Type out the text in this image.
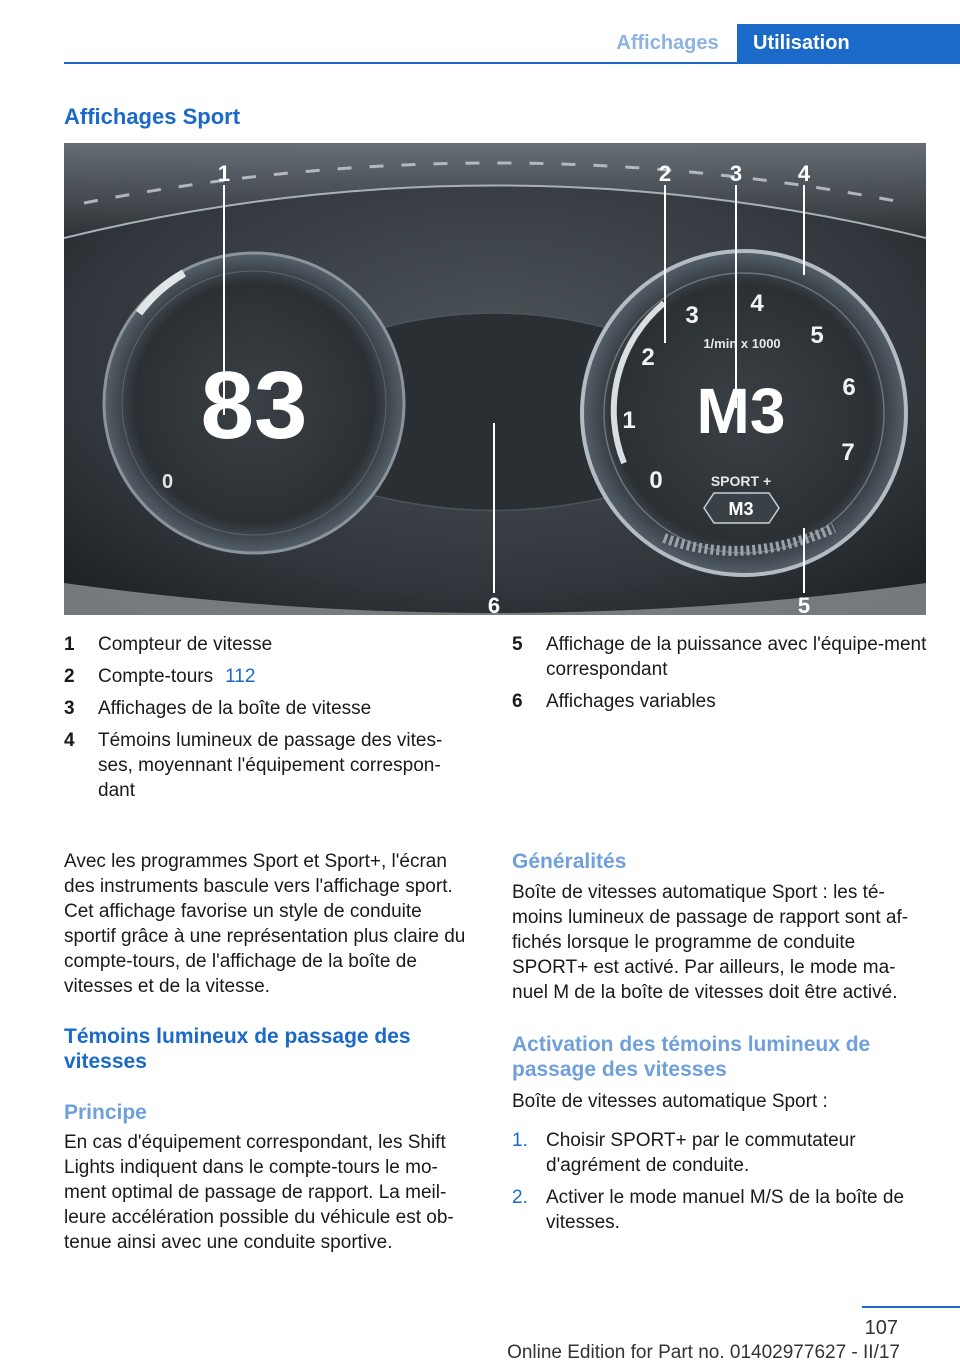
Affichages	Utilisation
Affichages Sport
0
83
1/min x 1000
0
1
2
3 4
5
6
7
M3
SPORT +
M3
1	2	3	4
5
6
1	Compteur de vitesse
2	Compte-tours 112
3	Affichages de la boîte de vitesse
4	Témoins lumineux de passage des vites-ses, moyennant l'équipement correspon-dant
5	Affichage de la puissance avec l'équipe-ment correspondant
6	Affichages variables
Avec les programmes Sport et Sport+, l'écran des instruments bascule vers l'affichage sport. Cet affichage favorise un style de conduite sportif grâce à une représentation plus claire du compte-tours, de l'affichage de la boîte de vitesses et de la vitesse.
Témoins lumineux de passage des vitesses
Principe
En cas d'équipement correspondant, les Shift Lights indiquent dans le compte-tours le mo-ment optimal de passage de rapport. La meil-leure accélération possible du véhicule est ob-tenue ainsi avec une conduite sportive.
Généralités
Boîte de vitesses automatique Sport : les té-moins lumineux de passage de rapport sont af-fichés lorsque le programme de conduite SPORT+ est activé. Par ailleurs, le mode ma-nuel M de la boîte de vitesses doit être activé.
Activation des témoins lumineux de passage des vitesses
Boîte de vitesses automatique Sport :
1. Choisir SPORT+ par le commutateur d'agrément de conduite.
2. Activer le mode manuel M/S de la boîte de vitesses.
107
Online Edition for Part no. 01402977627 - II/17
